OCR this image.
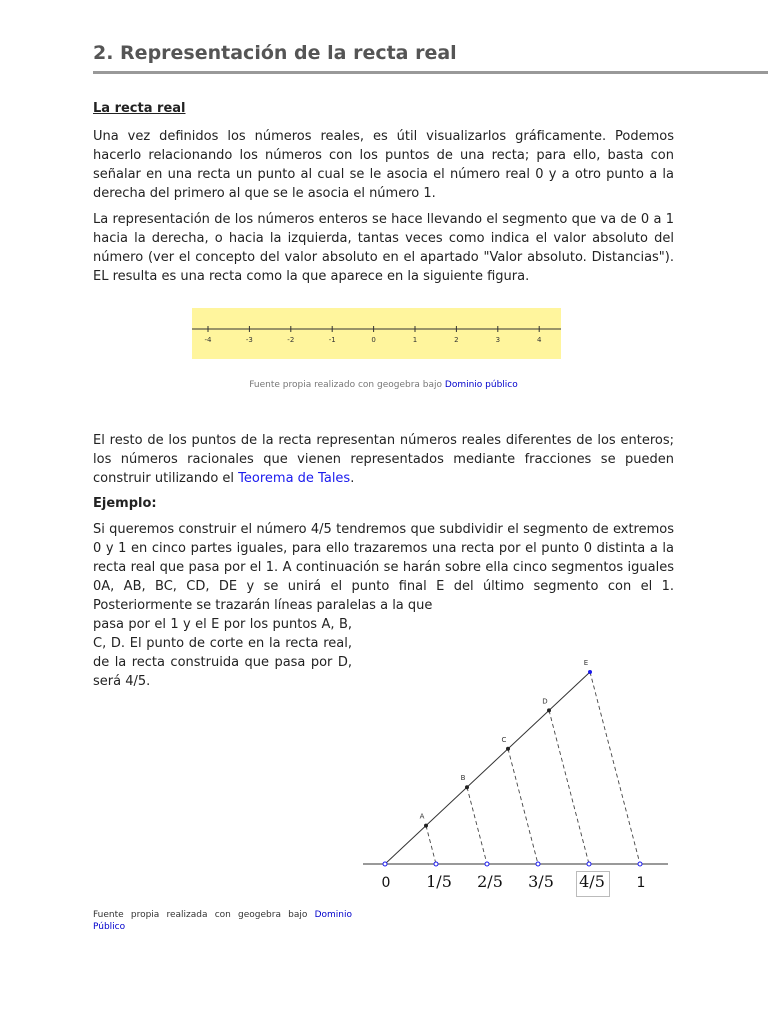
2. Representación de la recta real
La recta real

Una vez definidos los números reales, es útil visualizarlos gráficamente. Podemos hacerlo relacionando los números con los puntos de una recta; para ello, basta con señalar en una recta un punto al cual se le asocia el número real 0 y a otro punto a la derecha del primero al que se le asocia el número 1.

La representación de los números enteros se hace llevando el segmento que va de 0 a 1 hacia la derecha, o hacia la izquierda, tantas veces como indica el valor absoluto del número (ver el concepto del valor absoluto en el apartado "Valor absoluto. Distancias"). EL resulta es una recta como la que aparece en la siguiente figura.

-4	-3	-2	-1	0	1	2	3	4
Fuente propia realizado con geogebra bajo Dominio público

El resto de los puntos de la recta representan números reales diferentes de los enteros; los números racionales que vienen representados mediante fracciones se pueden construir utilizando el Teorema de Tales.

Ejemplo:

Si queremos construir el número 4/5 tendremos que subdividir el segmento de extremos 0 y 1 en cinco partes iguales, para ello trazaremos una recta por el punto 0 distinta a la recta real que pasa por el 1. A continuación se harán sobre ella cinco segmentos iguales 0A, AB, BC, CD, DE y se unirá el punto final E del último segmento con el 1. Posteriormente se trazarán líneas paralelas a la que

pasa por el 1 y el E por los puntos A, B, C, D. El punto de corte en la recta real, de la recta construida que pasa por D, será 4/5.

A
B
C
D
E
0 1/5 2/5 3/5 4/5 1
Fuente propia realizada con geogebra bajo Dominio Público
